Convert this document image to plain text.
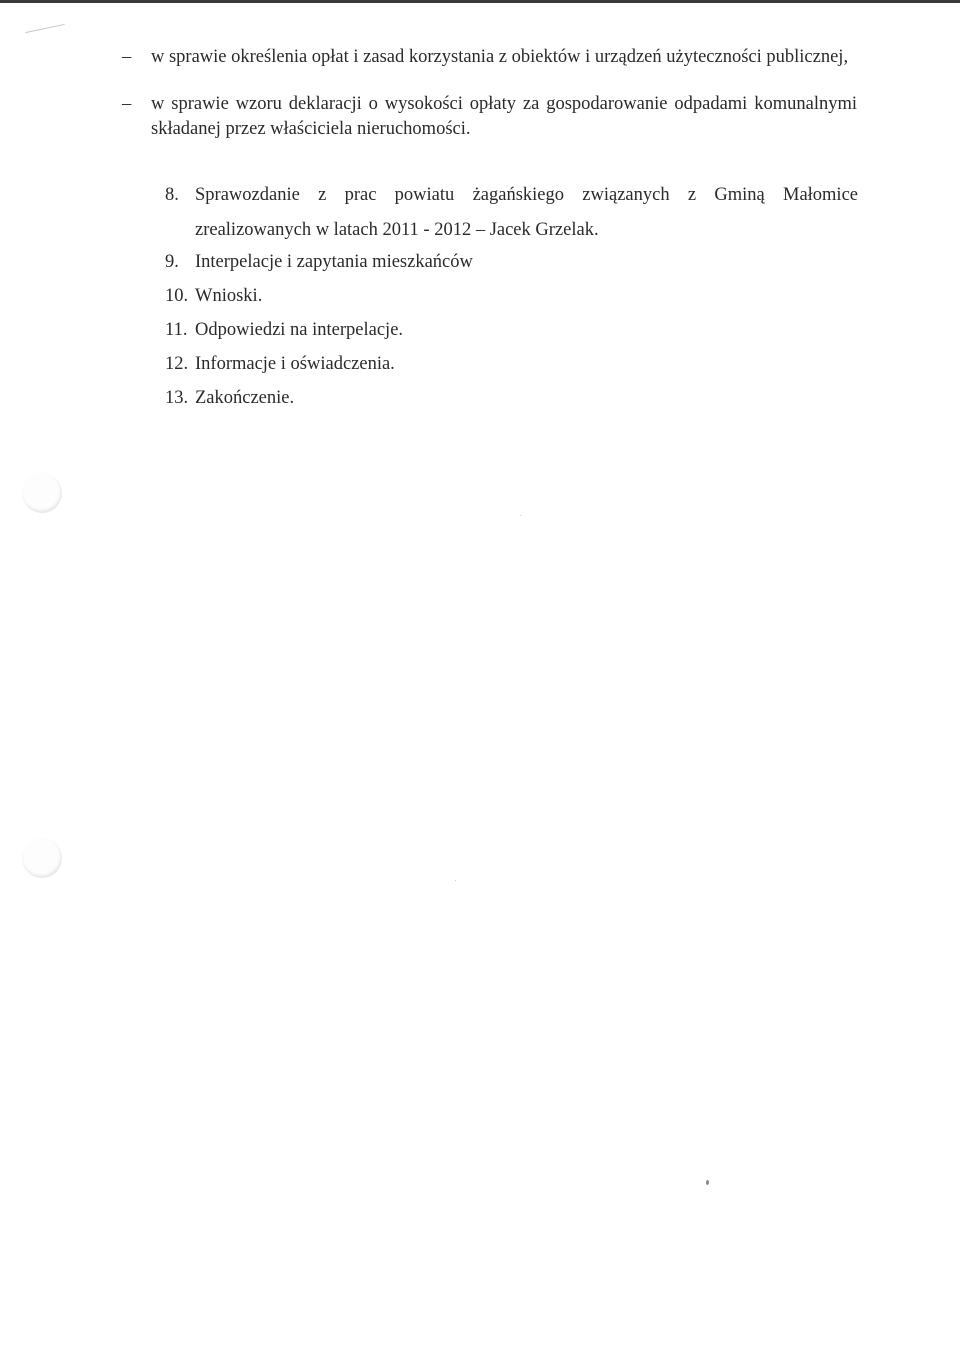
– w sprawie określenia opłat i zasad korzystania z obiektów i urządzeń użyteczności publicznej,
– w sprawie wzoru deklaracji o wysokości opłaty za gospodarowanie odpadami komunalnymi składanej przez właściciela nieruchomości.
8. Sprawozdanie z prac powiatu żagańskiego związanych z Gminą Małomice zrealizowanych w latach 2011 - 2012 – Jacek Grzelak.
9. Interpelacje i zapytania mieszkańców
10. Wnioski.
11. Odpowiedzi na interpelacje.
12. Informacje i oświadczenia.
13. Zakończenie.
